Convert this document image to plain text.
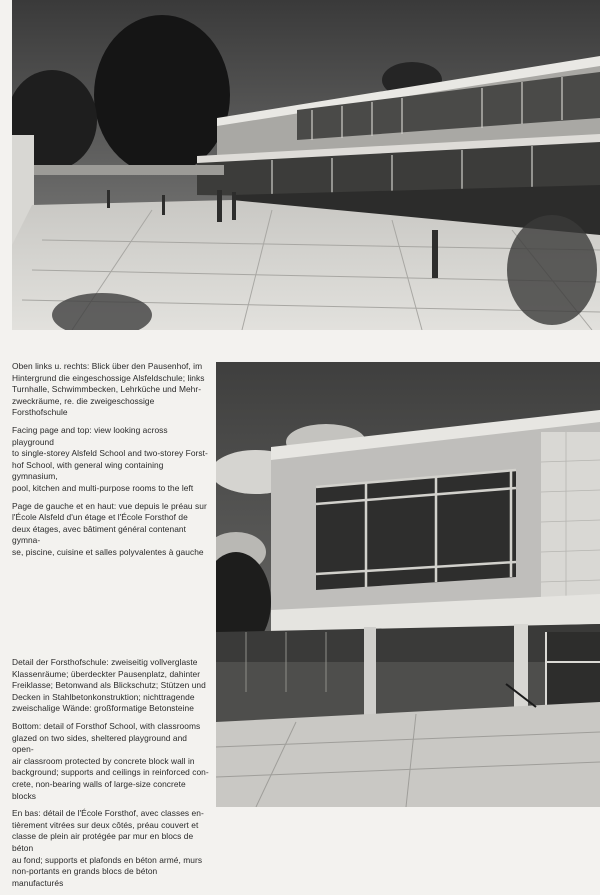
Oben links u. rechts: Blick über den Pausenhof, im
Hintergrund die eingeschossige Alsfeldschule; links
Turnhalle, Schwimmbecken, Lehrküche und Mehr-
zweckräume, re. die zweigeschossige Forsthofschule

Facing page and top: view looking across playground
to single-storey Alsfeld School and two-storey Forst-
hof School, with general wing containing gymnasium,
pool, kitchen and multi-purpose rooms to the left

Page de gauche et en haut: vue depuis le préau sur
l'École Alsfeld d'un étage et l'École Forsthof de
deux étages, avec bâtiment général contenant gymna-
se, piscine, cuisine et salles polyvalentes à gauche

Detail der Forsthofschule: zweiseitig vollverglaste
Klassenräume; überdeckter Pausenplatz, dahinter
Freiklasse; Betonwand als Blickschutz; Stützen und
Decken in Stahlbetonkonstruktion; nichttragende
zweischalige Wände: großformatige Betonsteine

Bottom: detail of Forsthof School, with classrooms
glazed on two sides, sheltered playground and open-
air classroom protected by concrete block wall in
background; supports and ceilings in reinforced con-
crete, non-bearing walls of large-size concrete blocks

En bas: détail de l'École Forsthof, avec classes en-
tièrement vitrées sur deux côtés, préau couvert et
classe de plein air protégée par mur en blocs de béton
au fond; supports et plafonds en béton armé, murs
non-portants en grands blocs de béton manufacturés
